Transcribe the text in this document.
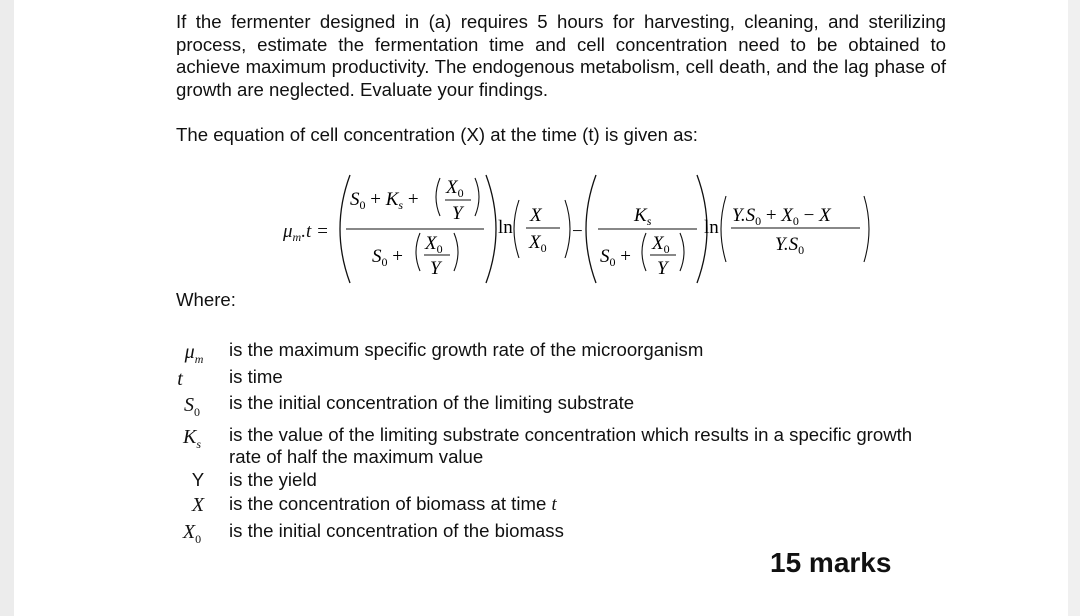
If the fermenter designed in (a) requires 5 hours for harvesting, cleaning, and sterilizing process, estimate the fermentation time and cell concentration need to be obtained to achieve maximum productivity. The endogenous metabolism, cell death, and the lag phase of growth are neglected. Evaluate your findings.

The equation of cell concentration (X) at the time (t) is given as:
$\mu_m.t$ =
$S_0 + K_s$ +
$X_0$
Y
$S_0$ +
$X_0$
Y
ln
X
$X_0$
−
$K_s$
$S_0$ +
$X_0$
Y
ln
$Y.S_0 + X_0 - X$
$Y.S_0$
Where:
$\mu_m$	is the maximum specific growth rate of the microorganism
t	is time
$S_0$	is the initial concentration of the limiting substrate
$K_s$	is the value of the limiting substrate concentration which results in a specific growth rate of half the maximum value
Y	is the yield
X	is the concentration of biomass at time t
$X_0$	is the initial concentration of the biomass
15 marks
